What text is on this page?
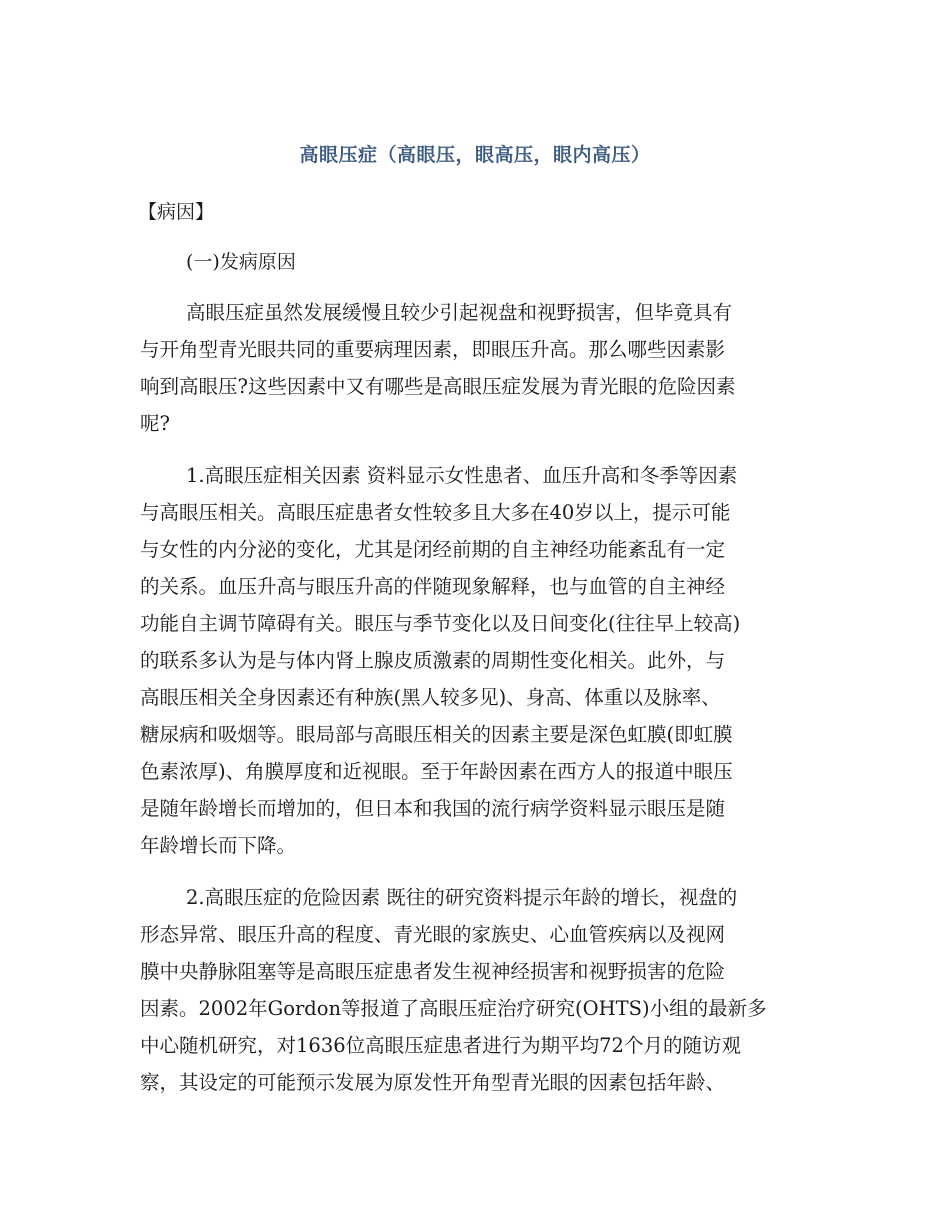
高眼压症（高眼压，眼高压，眼内高压）
【病因】
(一)发病原因
高眼压症虽然发展缓慢且较少引起视盘和视野损害，但毕竟具有
与开角型青光眼共同的重要病理因素，即眼压升高。那么哪些因素影
响到高眼压?这些因素中又有哪些是高眼压症发展为青光眼的危险因素
呢?
1.高眼压症相关因素 资料显示女性患者、血压升高和冬季等因素
与高眼压相关。高眼压症患者女性较多且大多在40岁以上，提示可能
与女性的内分泌的变化，尤其是闭经前期的自主神经功能紊乱有一定
的关系。血压升高与眼压升高的伴随现象解释，也与血管的自主神经
功能自主调节障碍有关。眼压与季节变化以及日间变化(往往早上较高)
的联系多认为是与体内肾上腺皮质激素的周期性变化相关。此外，与
高眼压相关全身因素还有种族(黑人较多见)、身高、体重以及脉率、
糖尿病和吸烟等。眼局部与高眼压相关的因素主要是深色虹膜(即虹膜
色素浓厚)、角膜厚度和近视眼。至于年龄因素在西方人的报道中眼压
是随年龄增长而增加的，但日本和我国的流行病学资料显示眼压是随
年龄增长而下降。
2.高眼压症的危险因素 既往的研究资料提示年龄的增长，视盘的
形态异常、眼压升高的程度、青光眼的家族史、心血管疾病以及视网
膜中央静脉阻塞等是高眼压症患者发生视神经损害和视野损害的危险
因素。2002年Gordon等报道了高眼压症治疗研究(OHTS)小组的最新多
中心随机研究，对1636位高眼压症患者进行为期平均72个月的随访观
察，其设定的可能预示发展为原发性开角型青光眼的因素包括年龄、
